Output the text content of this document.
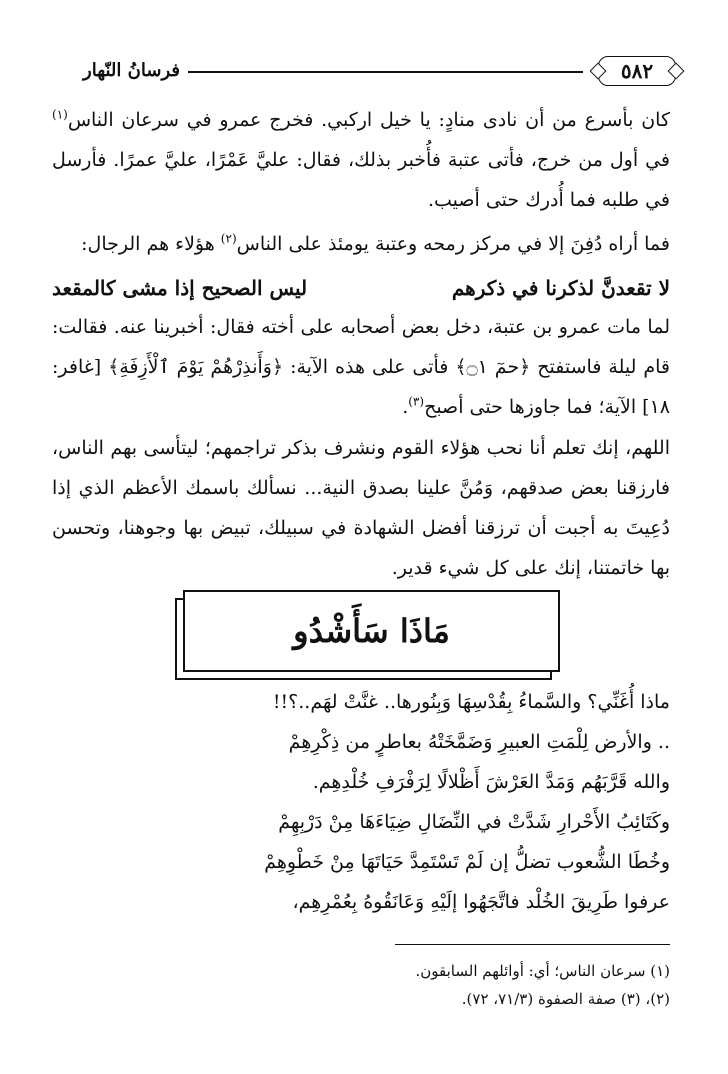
٥٨٢
فرسانُ النّهار

كان بأسرع من أن نادى منادٍ: يا خيل اركبي. فخرج عمرو في سرعان الناس$^{(١)}$ في أول من خرج، فأتى عتبة فأُخبر بذلك، فقال: عليَّ عَمْرًا، عليَّ عمرًا. فأرسل في طلبه فما أُدرك حتى أصيب.

فما أراه دُفِنَ إلا في مركز رمحه وعتبة يومئذ على الناس$^{(٢)}$ هؤلاء هم الرجال:

لا تقعدنَّ لذكرنا في ذكرهم
ليس الصحيح إذا مشى كالمقعد

لما مات عمرو بن عتبة، دخل بعض أصحابه على أخته فقال: أخبرينا عنه. فقالت: قام ليلة فاستفتح ﴿حمٓ ۝١﴾ فأتى على هذه الآية: ﴿وَأَنذِرْهُمْ يَوْمَ ٱلْأَزِفَةِ﴾ [غافر: ١٨] الآية؛ فما جاوزها حتى أصبح$^{(٣)}$.

اللهم، إنك تعلم أنا نحب هؤلاء القوم ونشرف بذكر تراجمهم؛ ليتأسى بهم الناس، فارزقنا بعض صدقهم، وَمُنَّ علينا بصدق النية... نسألك باسمك الأعظم الذي إذا دُعِيتَ به أجبت أن ترزقنا أفضل الشهادة في سبيلك، تبيض بها وجوهنا، وتحسن بها خاتمتنا، إنك على كل شيء قدير.

مَاذَا سَأَشْدُو
ماذا أُغَنِّي؟ والسَّماءُ بِقُدْسِهَا وَبِنُورها.. غنَّتْ لهَم..؟!!
.. والأرض لِلْمَتِ العبيرِ وَضَمَّخَتْهُ بعاطرٍ من ذِكْرِهِمْ
والله قَرَّبَهُم وَمَدَّ العَرْشَ أَظْلالًا لِرَفْرَفِ خُلْدِهِم.
وكَتَائِبُ الأَحْرارِ شَدَّتْ في النِّضَالِ ضِيَاءَهَا مِنْ دَرْبِهِمْ
وخُطَا الشُّعوب تضلُّ إن لَمْ تَسْتَمِدَّ حَيَاتَهَا مِنْ خَطْوِهِمْ
عرفوا طَرِيقَ الخُلْد فاتَّجَهُوا إلَيْهِ وَعَانَقُوهُ بِعُمْرِهِم،
(١) سرعان الناس؛ أي: أوائلهم السابقون.
(٢)، (٣) صفة الصفوة (٧١/٣، ٧٢).
